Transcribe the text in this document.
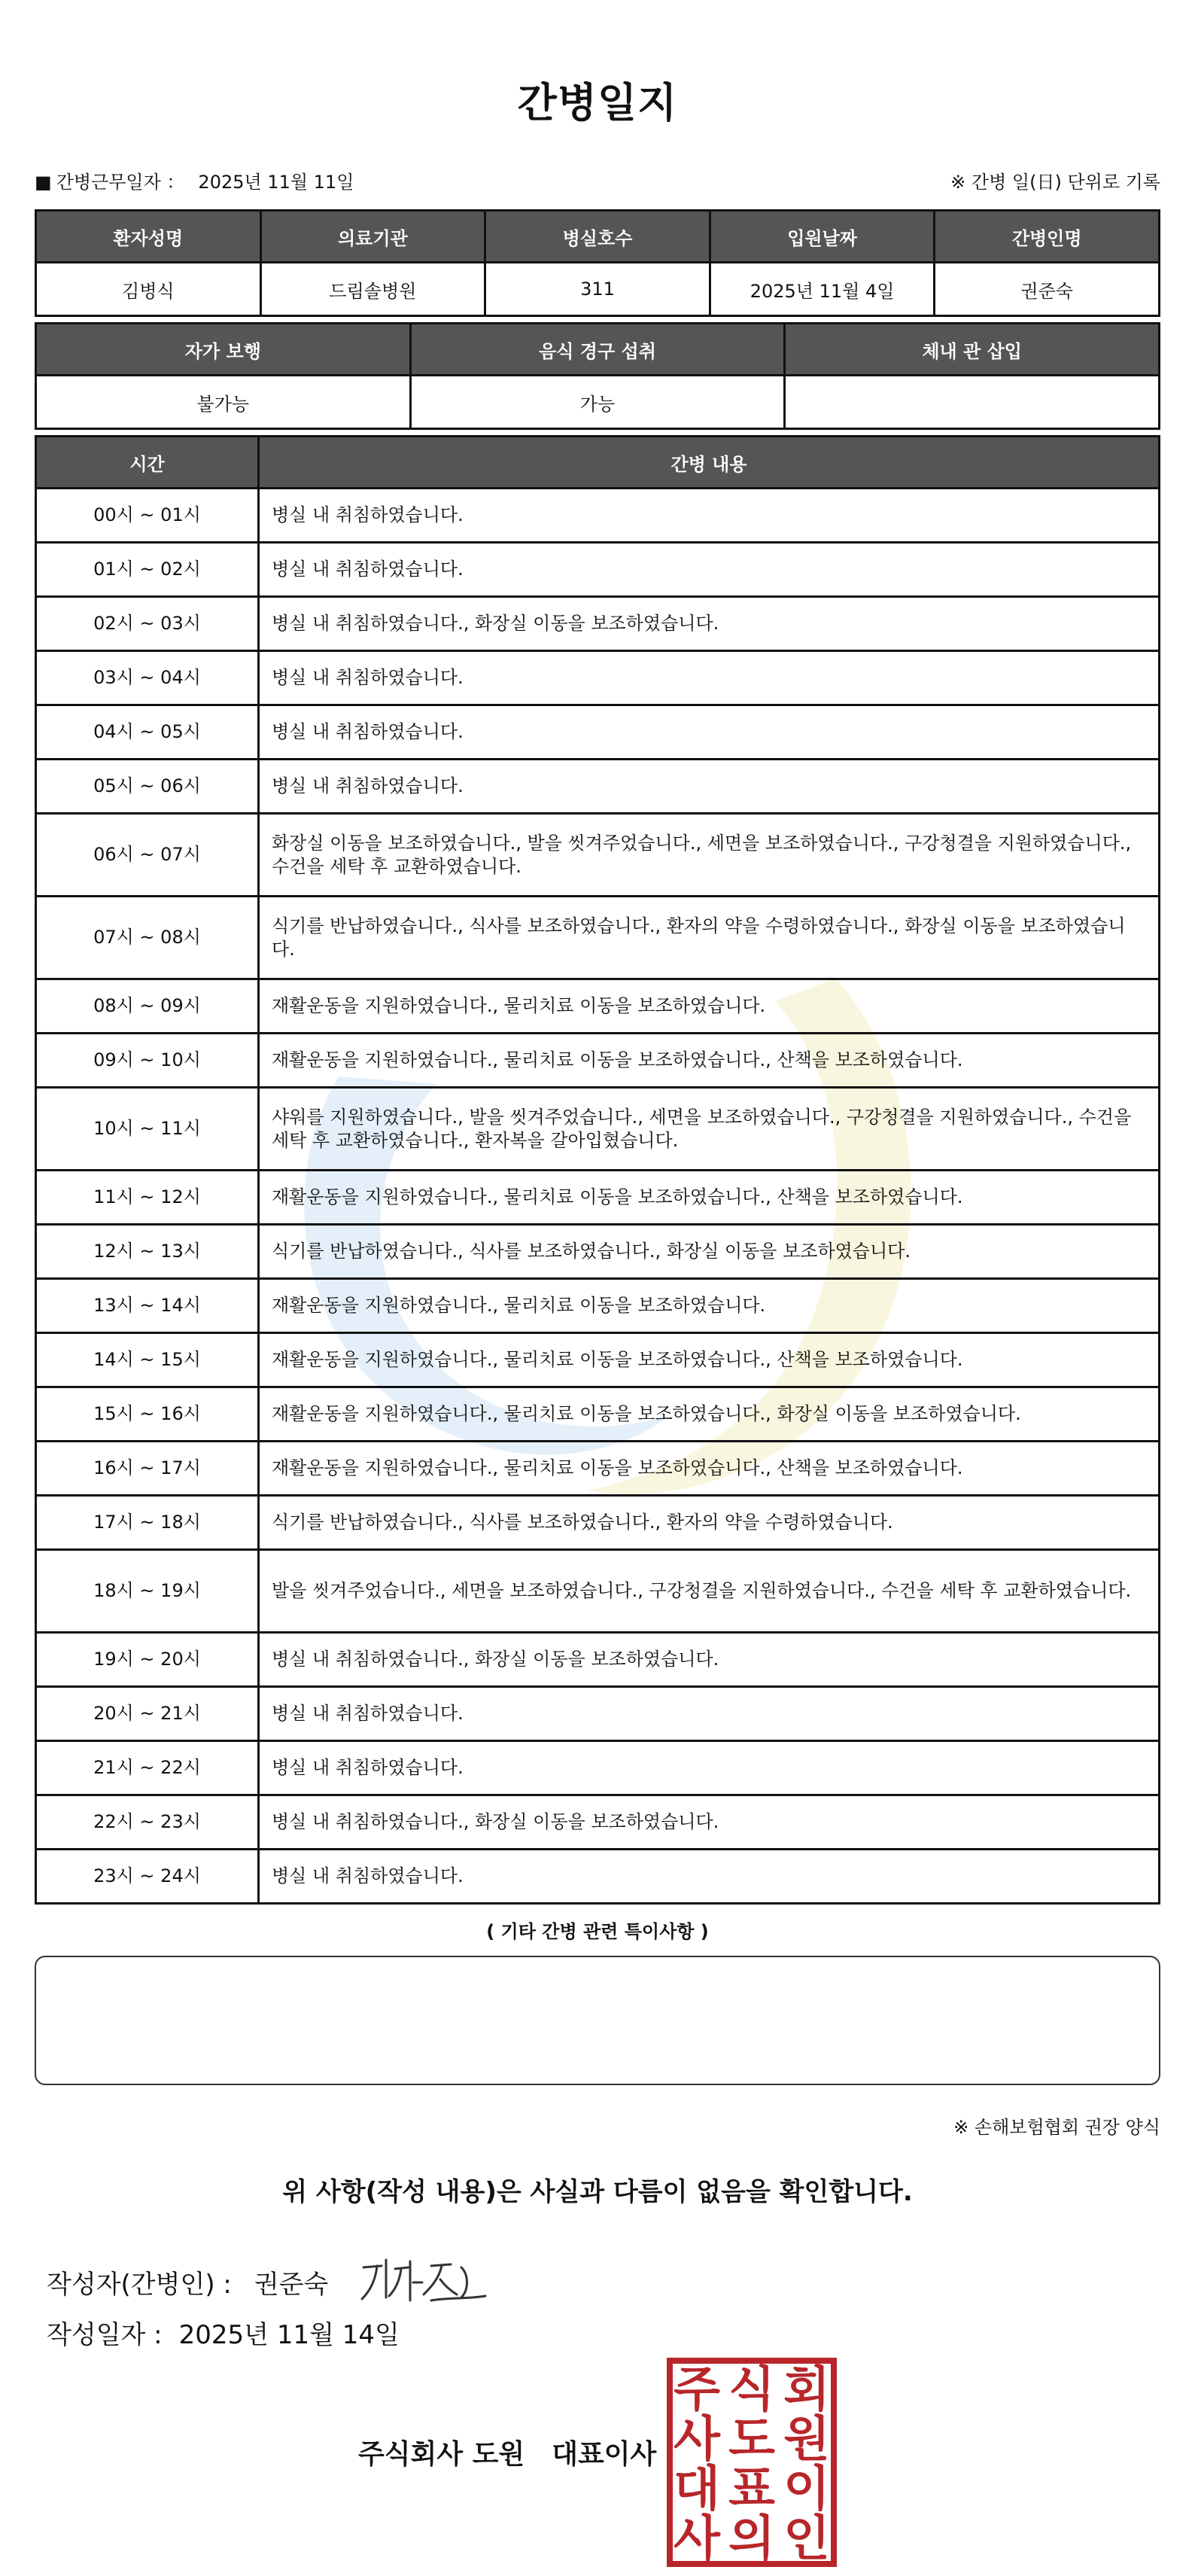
간병일지
■ 간병근무일자 ： 2025년 11월 11일	※ 간병 일(日) 단위로 기록
환자성명	의료기관	병실호수	입원날짜	간병인명
김병식	드림솔병원	311	2025년 11월 4일	권준숙
자가 보행	음식 경구 섭취	체내 관 삽입
불가능	가능	
시간	간병 내용
00시 ~ 01시	병실 내 취침하였습니다.
01시 ~ 02시	병실 내 취침하였습니다.
02시 ~ 03시	병실 내 취침하였습니다., 화장실 이동을 보조하였습니다.
03시 ~ 04시	병실 내 취침하였습니다.
04시 ~ 05시	병실 내 취침하였습니다.
05시 ~ 06시	병실 내 취침하였습니다.
06시 ~ 07시	화장실 이동을 보조하였습니다., 발을 씻겨주었습니다., 세면을 보조하였습니다., 구강청결을 지원하였습니다., 수건을 세탁 후 교환하였습니다.
07시 ~ 08시	식기를 반납하였습니다., 식사를 보조하였습니다., 환자의 약을 수령하였습니다., 화장실 이동을 보조하였습니다.
08시 ~ 09시	재활운동을 지원하였습니다., 물리치료 이동을 보조하였습니다.
09시 ~ 10시	재활운동을 지원하였습니다., 물리치료 이동을 보조하였습니다., 산책을 보조하였습니다.
10시 ~ 11시	샤워를 지원하였습니다., 발을 씻겨주었습니다., 세면을 보조하였습니다., 구강청결을 지원하였습니다., 수건을 세탁 후 교환하였습니다., 환자복을 갈아입혔습니다.
11시 ~ 12시	재활운동을 지원하였습니다., 물리치료 이동을 보조하였습니다., 산책을 보조하였습니다.
12시 ~ 13시	식기를 반납하였습니다., 식사를 보조하였습니다., 화장실 이동을 보조하였습니다.
13시 ~ 14시	재활운동을 지원하였습니다., 물리치료 이동을 보조하였습니다.
14시 ~ 15시	재활운동을 지원하였습니다., 물리치료 이동을 보조하였습니다., 산책을 보조하였습니다.
15시 ~ 16시	재활운동을 지원하였습니다., 물리치료 이동을 보조하였습니다., 화장실 이동을 보조하였습니다.
16시 ~ 17시	재활운동을 지원하였습니다., 물리치료 이동을 보조하였습니다., 산책을 보조하였습니다.
17시 ~ 18시	식기를 반납하였습니다., 식사를 보조하였습니다., 환자의 약을 수령하였습니다.
18시 ~ 19시	발을 씻겨주었습니다., 세면을 보조하였습니다., 구강청결을 지원하였습니다., 수건을 세탁 후 교환하였습니다.
19시 ~ 20시	병실 내 취침하였습니다., 화장실 이동을 보조하였습니다.
20시 ~ 21시	병실 내 취침하였습니다.
21시 ~ 22시	병실 내 취침하였습니다.
22시 ~ 23시	병실 내 취침하였습니다., 화장실 이동을 보조하였습니다.
23시 ~ 24시	병실 내 취침하였습니다.
( 기타 간병 관련 특이사항 )
※ 손해보험협회 권장 양식
위 사항(작성 내용)은 사실과 다름이 없음을 확인합니다.
작성자(간병인) : 권준숙
작성일자 : 2025년 11월 14일
주식회사 도원 대표이사
주 식 회
사 도 원
대 표 이
사 의 인
